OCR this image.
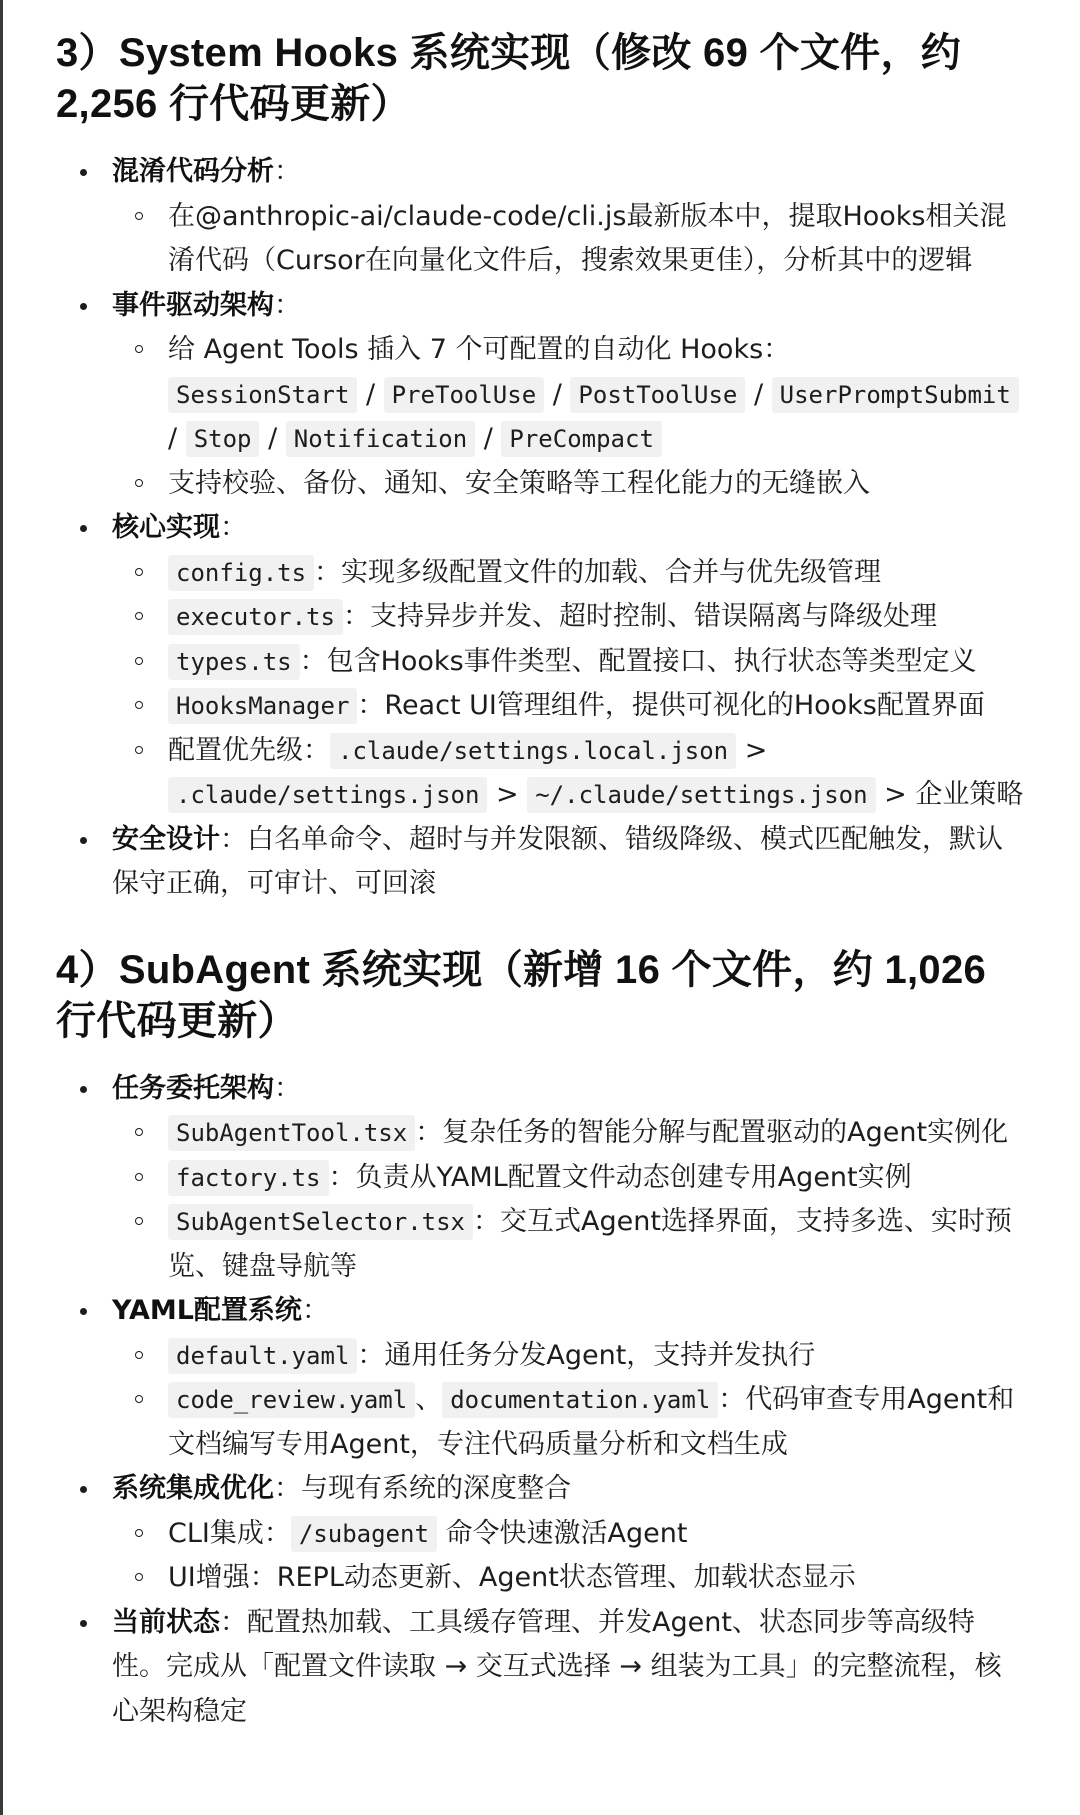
3）System Hooks 系统实现（修改 69 个文件，约 2,256 行代码更新）
混淆代码分析：
在@anthropic-ai/claude-code/cli.js最新版本中，提取Hooks相关混淆代码（Cursor在向量化文件后，搜索效果更佳），分析其中的逻辑
事件驱动架构：
给 Agent Tools 插入 7 个可配置的自动化 Hooks：
SessionStart / PreToolUse / PostToolUse / UserPromptSubmit / Stop / Notification / PreCompact
支持校验、备份、通知、安全策略等工程化能力的无缝嵌入
核心实现：
config.ts ：实现多级配置文件的加载、合并与优先级管理
executor.ts ：支持异步并发、超时控制、错误隔离与降级处理
types.ts ：包含Hooks事件类型、配置接口、执行状态等类型定义
HooksManager ：React UI管理组件，提供可视化的Hooks配置界面
配置优先级： .claude/settings.local.json > .claude/settings.json > ~/.claude/settings.json > 企业策略
安全设计：白名单命令、超时与并发限额、错级降级、模式匹配触发，默认保守正确，可审计、可回滚
4）SubAgent 系统实现（新增 16 个文件，约 1,026 行代码更新）
任务委托架构：
SubAgentTool.tsx ：复杂任务的智能分解与配置驱动的Agent实例化
factory.ts ：负责从YAML配置文件动态创建专用Agent实例
SubAgentSelector.tsx ：交互式Agent选择界面，支持多选、实时预览、键盘导航等
YAML配置系统：
default.yaml ：通用任务分发Agent，支持并发执行
code_review.yaml 、 documentation.yaml ：代码审查专用Agent和文档编写专用Agent，专注代码质量分析和文档生成
系统集成优化：与现有系统的深度整合
CLI集成： /subagent 命令快速激活Agent
UI增强：REPL动态更新、Agent状态管理、加载状态显示
当前状态：配置热加载、工具缓存管理、并发Agent、状态同步等高级特性。完成从「配置文件读取 → 交互式选择 → 组装为工具」的完整流程，核心架构稳定
